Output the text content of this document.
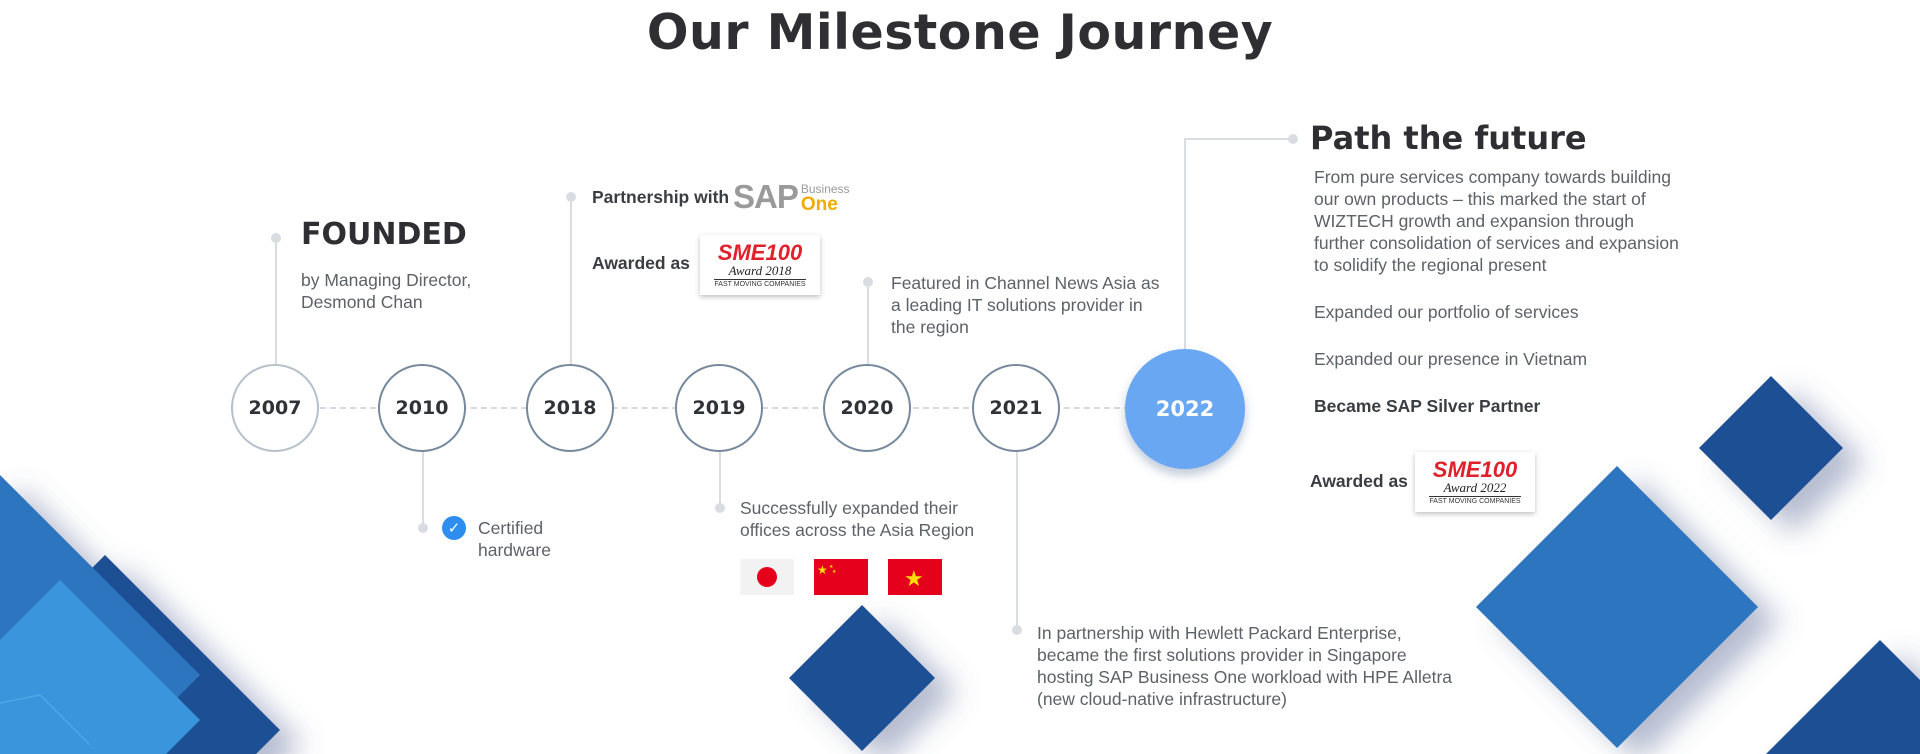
Our Milestone Journey
2007	2010	2018	2019	2020	2021	2022
FOUNDED
by Managing Director,
Desmond Chan
✓	Certified
hardware
Partnership with SAP Business
One
Awarded as SME100
Award 2018
FAST MOVING COMPANIES
Successfully expanded their
offices across the Asia Region
★ ★
★	★
Featured in Channel News Asia as
a leading IT solutions provider in
the region
In partnership with Hewlett Packard Enterprise,
became the first solutions provider in Singapore
hosting SAP Business One workload with HPE Alletra
(new cloud-native infrastructure)
Path the future
From pure services company towards building
our own products – this marked the start of
WIZTECH growth and expansion through
further consolidation of services and expansion
to solidify the regional present
Expanded our portfolio of services
Expanded our presence in Vietnam
Became SAP Silver Partner
Awarded as SME100
Award 2022
FAST MOVING COMPANIES
